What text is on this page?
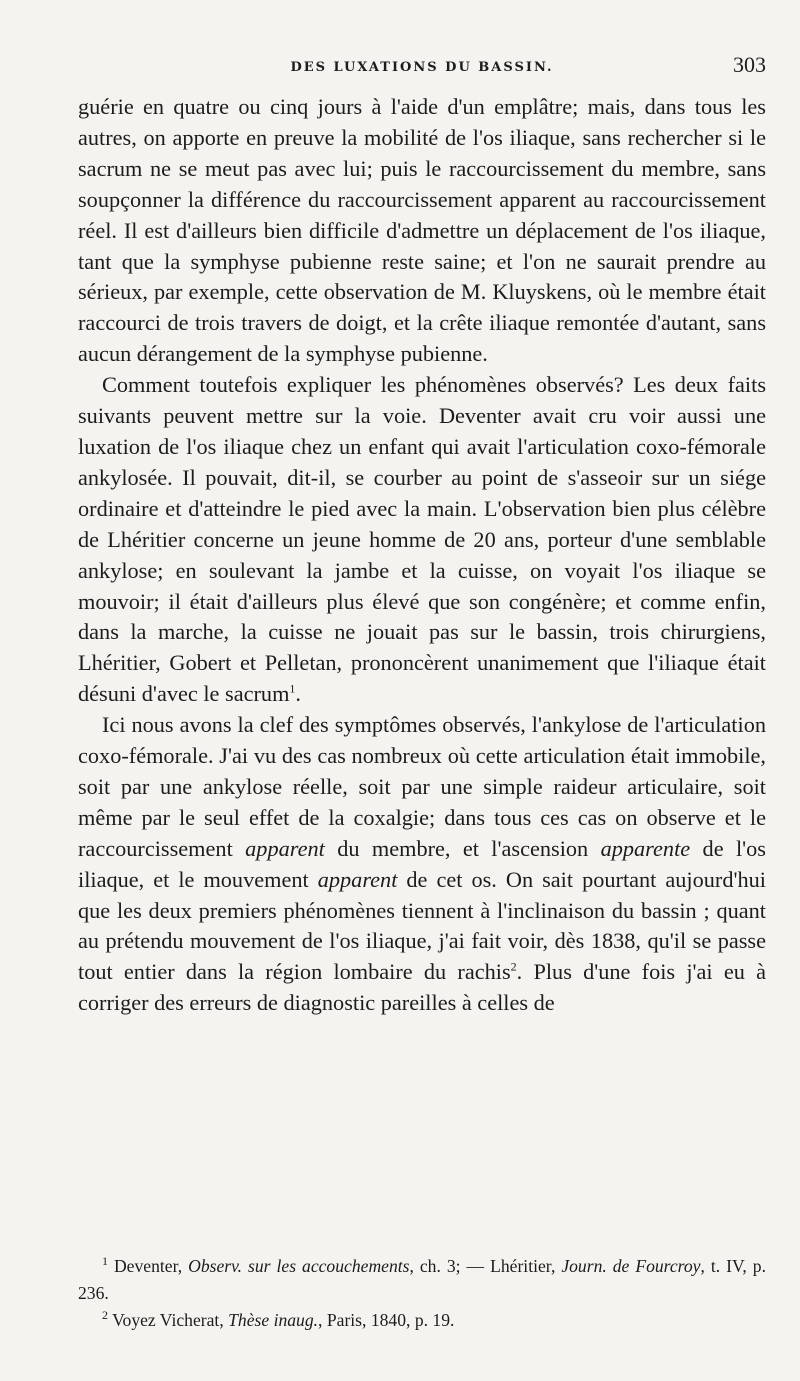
DES LUXATIONS DU BASSIN.	303

guérie en quatre ou cinq jours à l'aide d'un emplâtre; mais, dans tous les autres, on apporte en preuve la mobilité de l'os iliaque, sans rechercher si le sacrum ne se meut pas avec lui; puis le raccourcissement du membre, sans soupçonner la différence du raccourcissement apparent au raccourcissement réel. Il est d'ailleurs bien difficile d'admettre un déplacement de l'os iliaque, tant que la symphyse pubienne reste saine; et l'on ne saurait prendre au sérieux, par exemple, cette observation de M. Kluyskens, où le membre était raccourci de trois travers de doigt, et la crête iliaque remontée d'autant, sans aucun dérangement de la symphyse pubienne.

Comment toutefois expliquer les phénomènes observés? Les deux faits suivants peuvent mettre sur la voie. Deventer avait cru voir aussi une luxation de l'os iliaque chez un enfant qui avait l'articulation coxo-fémorale ankylosée. Il pouvait, dit-il, se courber au point de s'asseoir sur un siége ordinaire et d'atteindre le pied avec la main. L'observation bien plus célèbre de Lhéritier concerne un jeune homme de 20 ans, porteur d'une semblable ankylose; en soulevant la jambe et la cuisse, on voyait l'os iliaque se mouvoir; il était d'ailleurs plus élevé que son congénère; et comme enfin, dans la marche, la cuisse ne jouait pas sur le bassin, trois chirurgiens, Lhéritier, Gobert et Pelletan, prononcèrent unanimement que l'iliaque était désuni d'avec le sacrum$^1$.

Ici nous avons la clef des symptômes observés, l'ankylose de l'articulation coxo-fémorale. J'ai vu des cas nombreux où cette articulation était immobile, soit par une ankylose réelle, soit par une simple raideur articulaire, soit même par le seul effet de la coxalgie; dans tous ces cas on observe et le raccourcissement apparent du membre, et l'ascension apparente de l'os iliaque, et le mouvement apparent de cet os. On sait pourtant aujourd'hui que les deux premiers phénomènes tiennent à l'inclinaison du bassin ; quant au prétendu mouvement de l'os iliaque, j'ai fait voir, dès 1838, qu'il se passe tout entier dans la région lombaire du rachis$^2$. Plus d'une fois j'ai eu à corriger des erreurs de diagnostic pareilles à celles de

$^1$ Deventer, Observ. sur les accouchements, ch. 3; — Lhéritier, Journ. de Fourcroy, t. IV, p. 236.

$^2$ Voyez Vicherat, Thèse inaug., Paris, 1840, p. 19.
